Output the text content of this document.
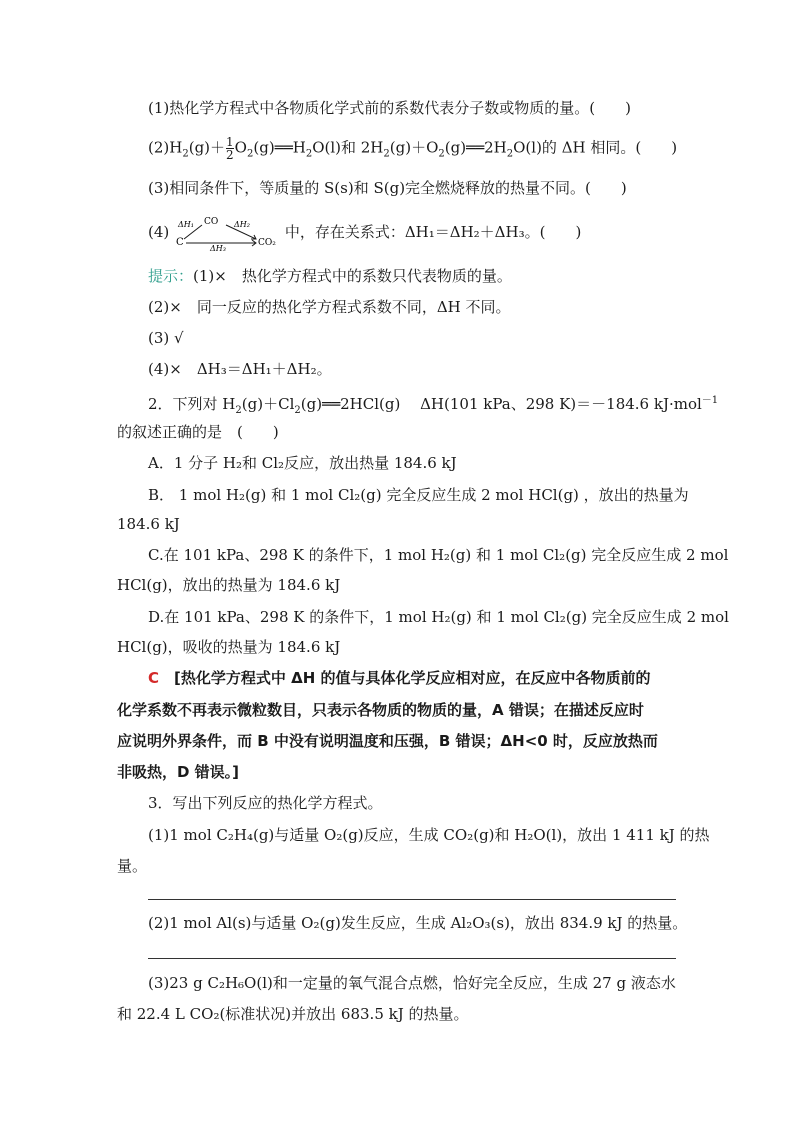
(1)热化学方程式中各物质化学式前的系数代表分子数或物质的量。(　　)
$(2)H_2(g)+ \frac{1}{2}$ $O_2(g)══H_2O(l)$和 $2H_2(g)+O_2(g)══2H_2O(l)$的 ΔH 相同。(　　)
(3)相同条件下，等质量的 S(s)和 S(g)完全燃烧释放的热量不同。(　　)
(4)
C
CO
CO₂
ΔH₁	ΔH₂
ΔH₃
中，存在关系式：ΔH₁＝ΔH₂＋ΔH₃。(　　)
提示：(1)×　热化学方程式中的系数只代表物质的量。
(2)×　同一反应的热化学方程式系数不同，ΔH 不同。
(3) √
(4)×　ΔH₃＝ΔH₁＋ΔH₂。
2．下列对 $H_2(g)+Cl_2(g)══2HCl(g)$　 ΔH(101 kPa、298 K)＝－184.6 kJ·mol$^{-1}$
的叙述正确的是　(　　)
A．1 分子 H₂和 Cl₂反应，放出热量 184.6 kJ
B． 1 mol H₂(g) 和 1 mol Cl₂(g) 完全反应生成 2 mol HCl(g) ，放出的热量为
184.6 kJ
C.在 101 kPa、298 K 的条件下，1 mol H₂(g) 和 1 mol Cl₂(g) 完全反应生成 2 mol
HCl(g)，放出的热量为 184.6 kJ
D.在 101 kPa、298 K 的条件下，1 mol H₂(g) 和 1 mol Cl₂(g) 完全反应生成 2 mol
HCl(g)，吸收的热量为 184.6 kJ
C　[热化学方程式中 ΔH 的值与具体化学反应相对应，在反应中各物质前的
化学系数不再表示微粒数目，只表示各物质的物质的量，A 错误；在描述反应时
应说明外界条件，而 B 中没有说明温度和压强，B 错误；ΔH<0 时，反应放热而
非吸热，D 错误。]
3．写出下列反应的热化学方程式。
(1)1 mol C₂H₄(g)与适量 O₂(g)反应，生成 CO₂(g)和 H₂O(l)，放出 1 411 kJ 的热
量。
(2)1 mol Al(s)与适量 O₂(g)发生反应，生成 Al₂O₃(s)，放出 834.9 kJ 的热量。
(3)23 g C₂H₆O(l)和一定量的氧气混合点燃，恰好完全反应，生成 27 g 液态水
和 22.4 L CO₂(标准状况)并放出 683.5 kJ 的热量。
